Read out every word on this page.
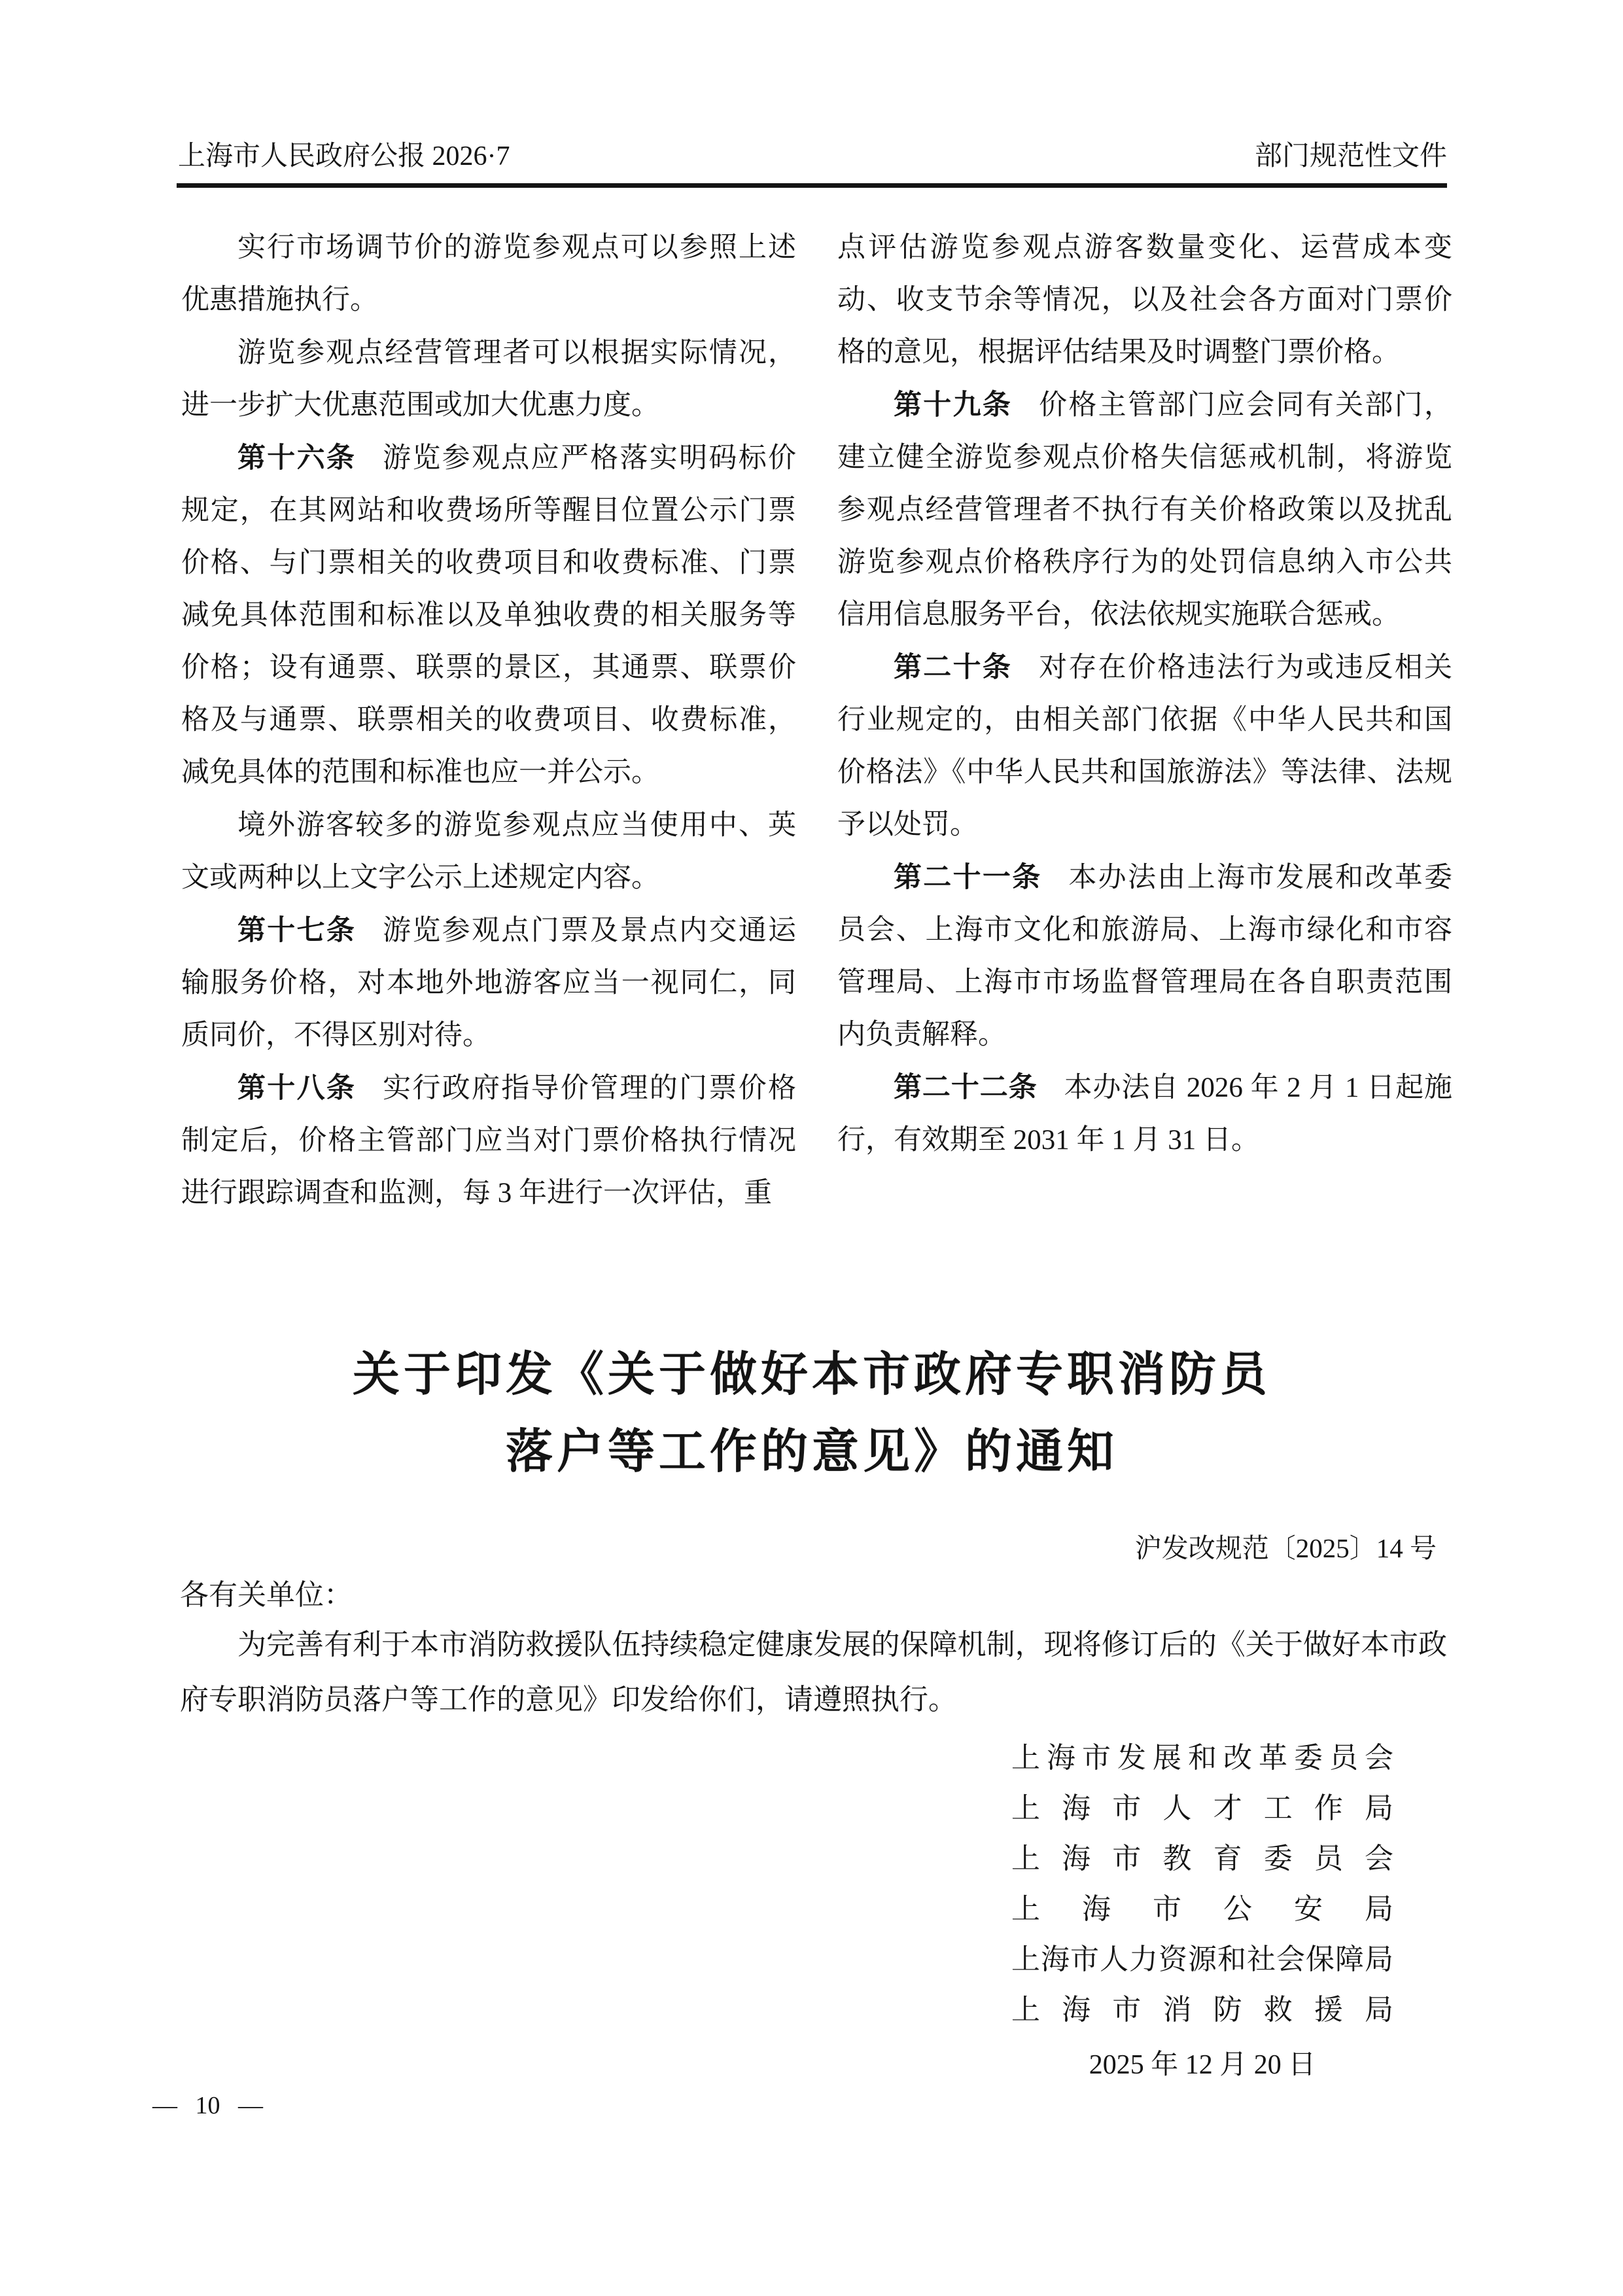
上海市人民政府公报 2026·7	部门规范性文件

实行市场调节价的游览参观点可以参照上述优惠措施执行。

游览参观点经营管理者可以根据实际情况，进一步扩大优惠范围或加大优惠力度。

第十六条 游览参观点应严格落实明码标价规定，在其网站和收费场所等醒目位置公示门票价格、与门票相关的收费项目和收费标准、门票减免具体范围和标准以及单独收费的相关服务等价格；设有通票、联票的景区，其通票、联票价格及与通票、联票相关的收费项目、收费标准，减免具体的范围和标准也应一并公示。

境外游客较多的游览参观点应当使用中、英文或两种以上文字公示上述规定内容。

第十七条 游览参观点门票及景点内交通运输服务价格，对本地外地游客应当一视同仁，同质同价，不得区别对待。

第十八条 实行政府指导价管理的门票价格制定后，价格主管部门应当对门票价格执行情况进行跟踪调查和监测，每 3 年进行一次评估，重

点评估游览参观点游客数量变化、运营成本变动、收支节余等情况，以及社会各方面对门票价格的意见，根据评估结果及时调整门票价格。

第十九条 价格主管部门应会同有关部门，建立健全游览参观点价格失信惩戒机制，将游览参观点经营管理者不执行有关价格政策以及扰乱游览参观点价格秩序行为的处罚信息纳入市公共信用信息服务平台，依法依规实施联合惩戒。

第二十条 对存在价格违法行为或违反相关行业规定的，由相关部门依据《中华人民共和国价格法》《中华人民共和国旅游法》等法律、法规予以处罚。

第二十一条 本办法由上海市发展和改革委员会、上海市文化和旅游局、上海市绿化和市容管理局、上海市市场监督管理局在各自职责范围内负责解释。

第二十二条 本办法自 2026 年 2 月 1 日起施行，有效期至 2031 年 1 月 31 日。

关于印发《关于做好本市政府专职消防员
落户等工作的意见》的通知
沪发改规范〔2025〕14 号
各有关单位：

为完善有利于本市消防救援队伍持续稳定健康发展的保障机制，现将修订后的《关于做好本市政府专职消防员落户等工作的意见》印发给你们，请遵照执行。

上海市发展和改革委员会
上海市人才工作局
上海市教育委员会
上海市公安局
上海市人力资源和社会保障局
上海市消防救援局
2025 年 12 月 20 日
— 10 —
